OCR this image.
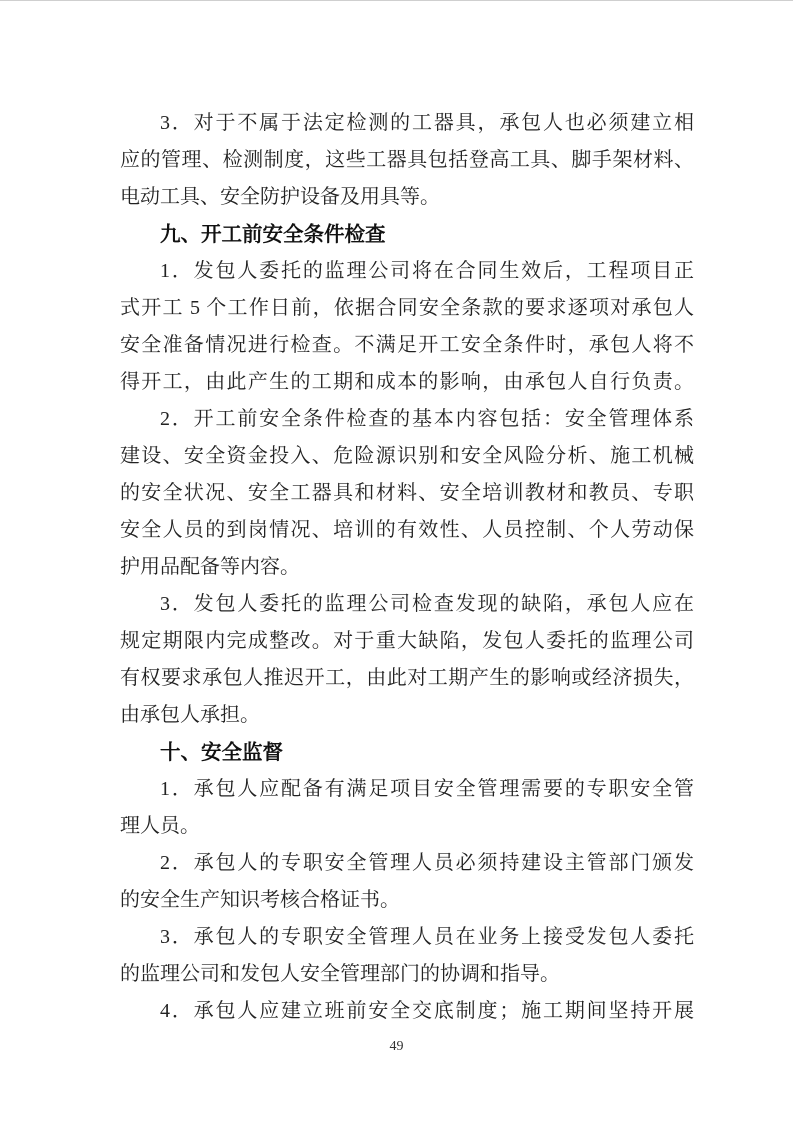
3．对于不属于法定检测的工器具，承包人也必须建立相
应的管理、检测制度，这些工器具包括登高工具、脚手架材料、
电动工具、安全防护设备及用具等。
九、开工前安全条件检查
1．发包人委托的监理公司将在合同生效后，工程项目正
式开工 5 个工作日前，依据合同安全条款的要求逐项对承包人
安全准备情况进行检查。不满足开工安全条件时，承包人将不
得开工，由此产生的工期和成本的影响，由承包人自行负责。
2．开工前安全条件检查的基本内容包括：安全管理体系
建设、安全资金投入、危险源识别和安全风险分析、施工机械
的安全状况、安全工器具和材料、安全培训教材和教员、专职
安全人员的到岗情况、培训的有效性、人员控制、个人劳动保
护用品配备等内容。
3．发包人委托的监理公司检查发现的缺陷，承包人应在
规定期限内完成整改。对于重大缺陷，发包人委托的监理公司
有权要求承包人推迟开工，由此对工期产生的影响或经济损失，
由承包人承担。
十、安全监督
1．承包人应配备有满足项目安全管理需要的专职安全管
理人员。
2．承包人的专职安全管理人员必须持建设主管部门颁发
的安全生产知识考核合格证书。
3．承包人的专职安全管理人员在业务上接受发包人委托
的监理公司和发包人安全管理部门的协调和指导。
4．承包人应建立班前安全交底制度；施工期间坚持开展
49
